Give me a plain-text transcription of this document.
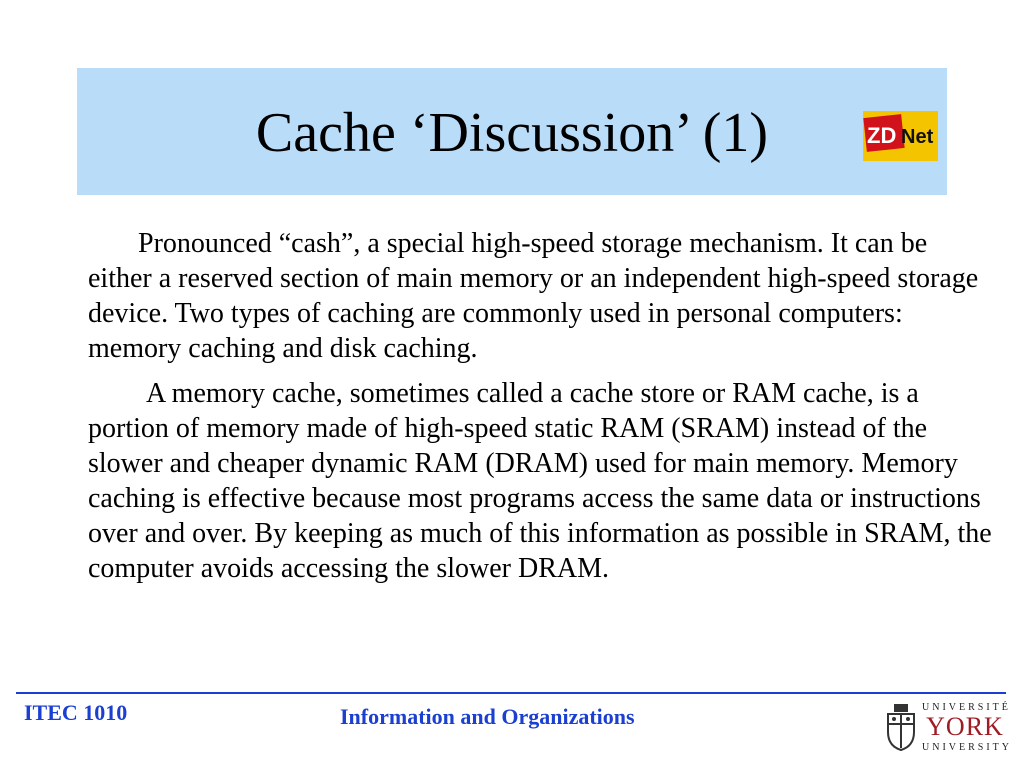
Cache ‘Discussion’ (1)	ZD Net

Pronounced “cash”, a special high-speed storage mechanism. It can be either a reserved section of main memory or an independent high-speed storage device. Two types of caching are commonly used in personal computers: memory caching and disk caching.

A memory cache, sometimes called a cache store or RAM cache, is a portion of memory made of high-speed static RAM (SRAM) instead of the slower and cheaper dynamic RAM (DRAM) used for main memory. Memory caching is effective because most programs access the same data or instructions over and over. By keeping as much of this information as possible in SRAM, the computer avoids accessing the slower DRAM.

ITEC 1010	Information and Organizations	UNIVERSITÉ
YORK
UNIVERSITY
